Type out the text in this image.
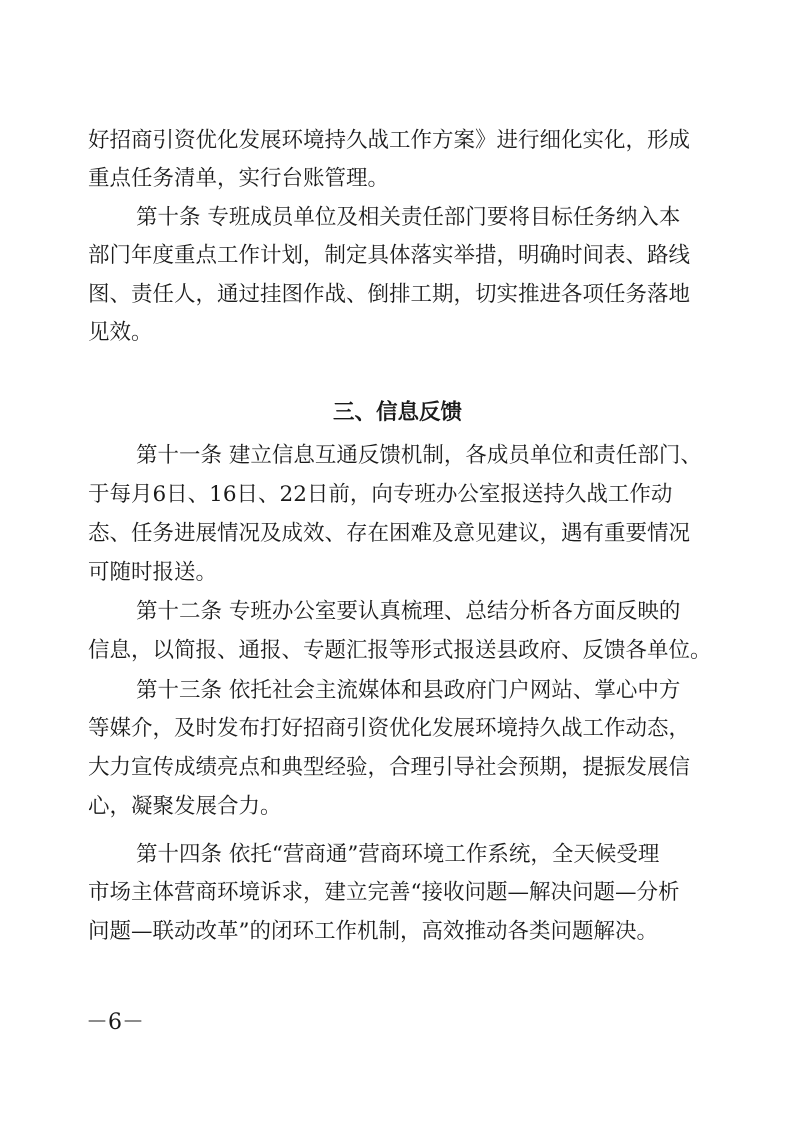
好招商引资优化发展环境持久战工作方案》进行细化实化，形成
重点任务清单，实行台账管理。
第十条 专班成员单位及相关责任部门要将目标任务纳入本
部门年度重点工作计划，制定具体落实举措，明确时间表、路线
图、责任人，通过挂图作战、倒排工期，切实推进各项任务落地
见效。
三、信息反馈
第十一条 建立信息互通反馈机制，各成员单位和责任部门、
于每月6日、16日、22日前，向专班办公室报送持久战工作动
态、任务进展情况及成效、存在困难及意见建议，遇有重要情况
可随时报送。
第十二条 专班办公室要认真梳理、总结分析各方面反映的
信息，以简报、通报、专题汇报等形式报送县政府、反馈各单位。
第十三条 依托社会主流媒体和县政府门户网站、掌心中方
等媒介，及时发布打好招商引资优化发展环境持久战工作动态，
大力宣传成绩亮点和典型经验，合理引导社会预期，提振发展信
心，凝聚发展合力。
第十四条 依托“营商通”营商环境工作系统，全天候受理
市场主体营商环境诉求，建立完善“接收问题—解决问题—分析
问题—联动改革”的闭环工作机制，高效推动各类问题解决。
－6－
